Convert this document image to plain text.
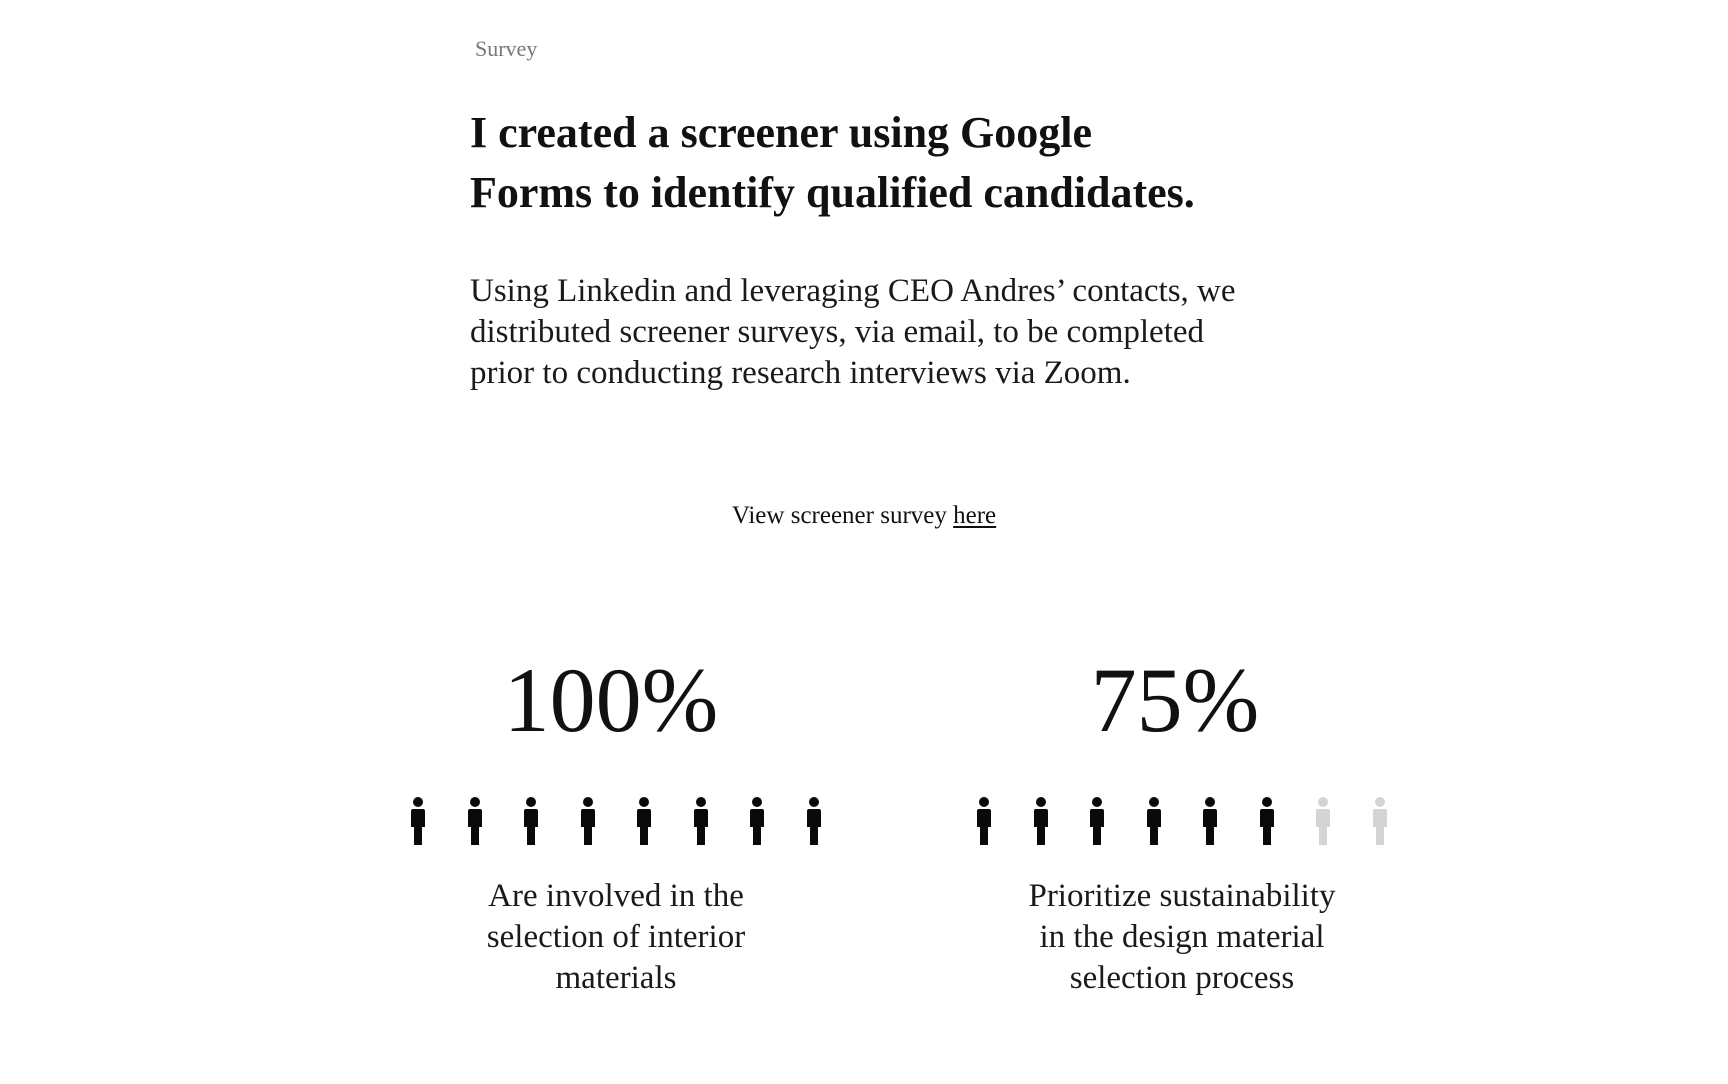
Survey
I created a screener using Google
Forms to identify qualified candidates.

Using Linkedin and leveraging CEO Andres’ contacts, we
distributed screener surveys, via email, to be completed
prior to conducting research interviews via Zoom.

View screener survey here
100%
Are involved in the
selection of interior
materials
75%
Prioritize sustainability
in the design material
selection process
